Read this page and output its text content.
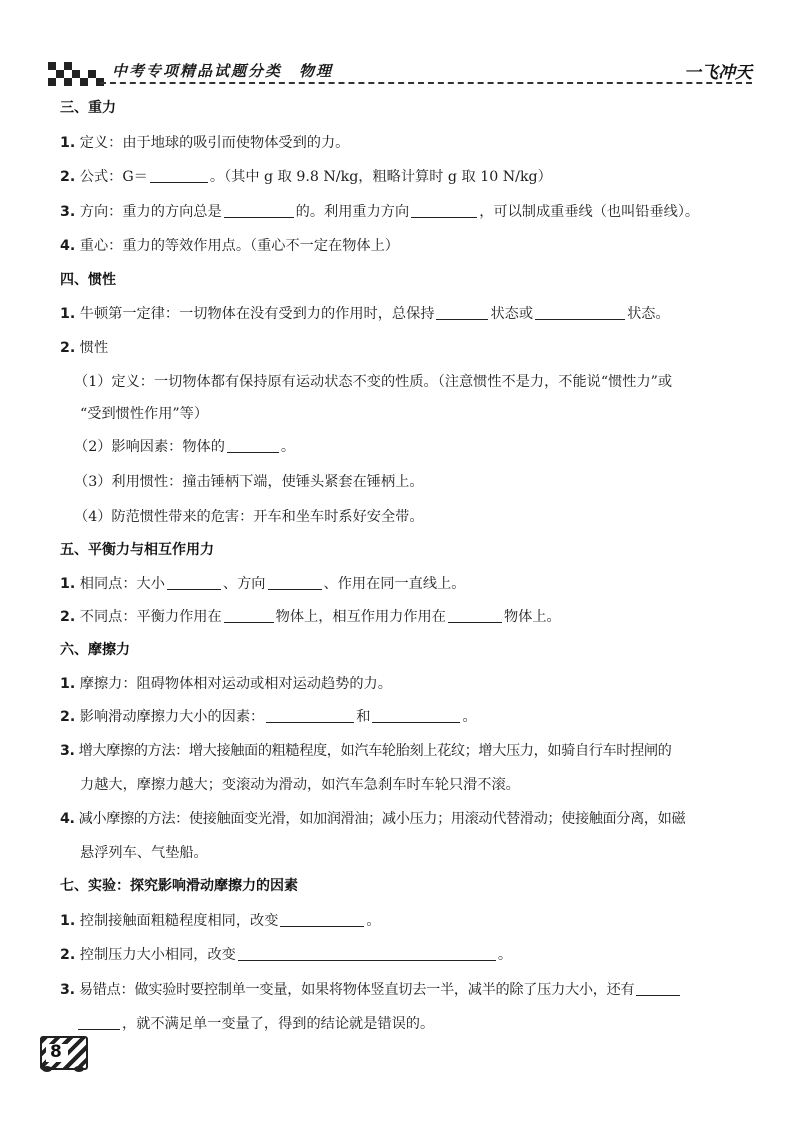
中考专项精品试题分类　物理	一飞冲天
三、重力
1. 定义：由于地球的吸引而使物体受到的力。
2. 公式：G＝	。（其中 g 取 9.8 N/kg，粗略计算时 g 取 10 N/kg）
3. 方向：重力的方向总是	的。利用重力方向	，可以制成重垂线（也叫铅垂线）。
4. 重心：重力的等效作用点。（重心不一定在物体上）
四、惯性
1. 牛顿第一定律：一切物体在没有受到力的作用时，总保持	状态或	状态。
2. 惯性
（1）定义：一切物体都有保持原有运动状态不变的性质。（注意惯性不是力，不能说“惯性力”或
“受到惯性作用”等）
（2）影响因素：物体的	。
（3）利用惯性：撞击锤柄下端，使锤头紧套在锤柄上。
（4）防范惯性带来的危害：开车和坐车时系好安全带。
五、平衡力与相互作用力
1. 相同点：大小	、方向	、作用在同一直线上。
2. 不同点：平衡力作用在	物体上，相互作用力作用在	物体上。
六、摩擦力
1. 摩擦力：阻碍物体相对运动或相对运动趋势的力。
2. 影响滑动摩擦力大小的因素：	和	。
3. 增大摩擦的方法：增大接触面的粗糙程度，如汽车轮胎刻上花纹；增大压力，如骑自行车时捏闸的
力越大，摩擦力越大；变滚动为滑动，如汽车急刹车时车轮只滑不滚。
4. 减小摩擦的方法：使接触面变光滑，如加润滑油；减小压力；用滚动代替滑动；使接触面分离，如磁
悬浮列车、气垫船。
七、实验：探究影响滑动摩擦力的因素
1. 控制接触面粗糙程度相同，改变	。
2. 控制压力大小相同，改变	。
3. 易错点：做实验时要控制单一变量，如果将物体竖直切去一半，减半的除了压力大小，还有
，就不满足单一变量了，得到的结论就是错误的。
8
